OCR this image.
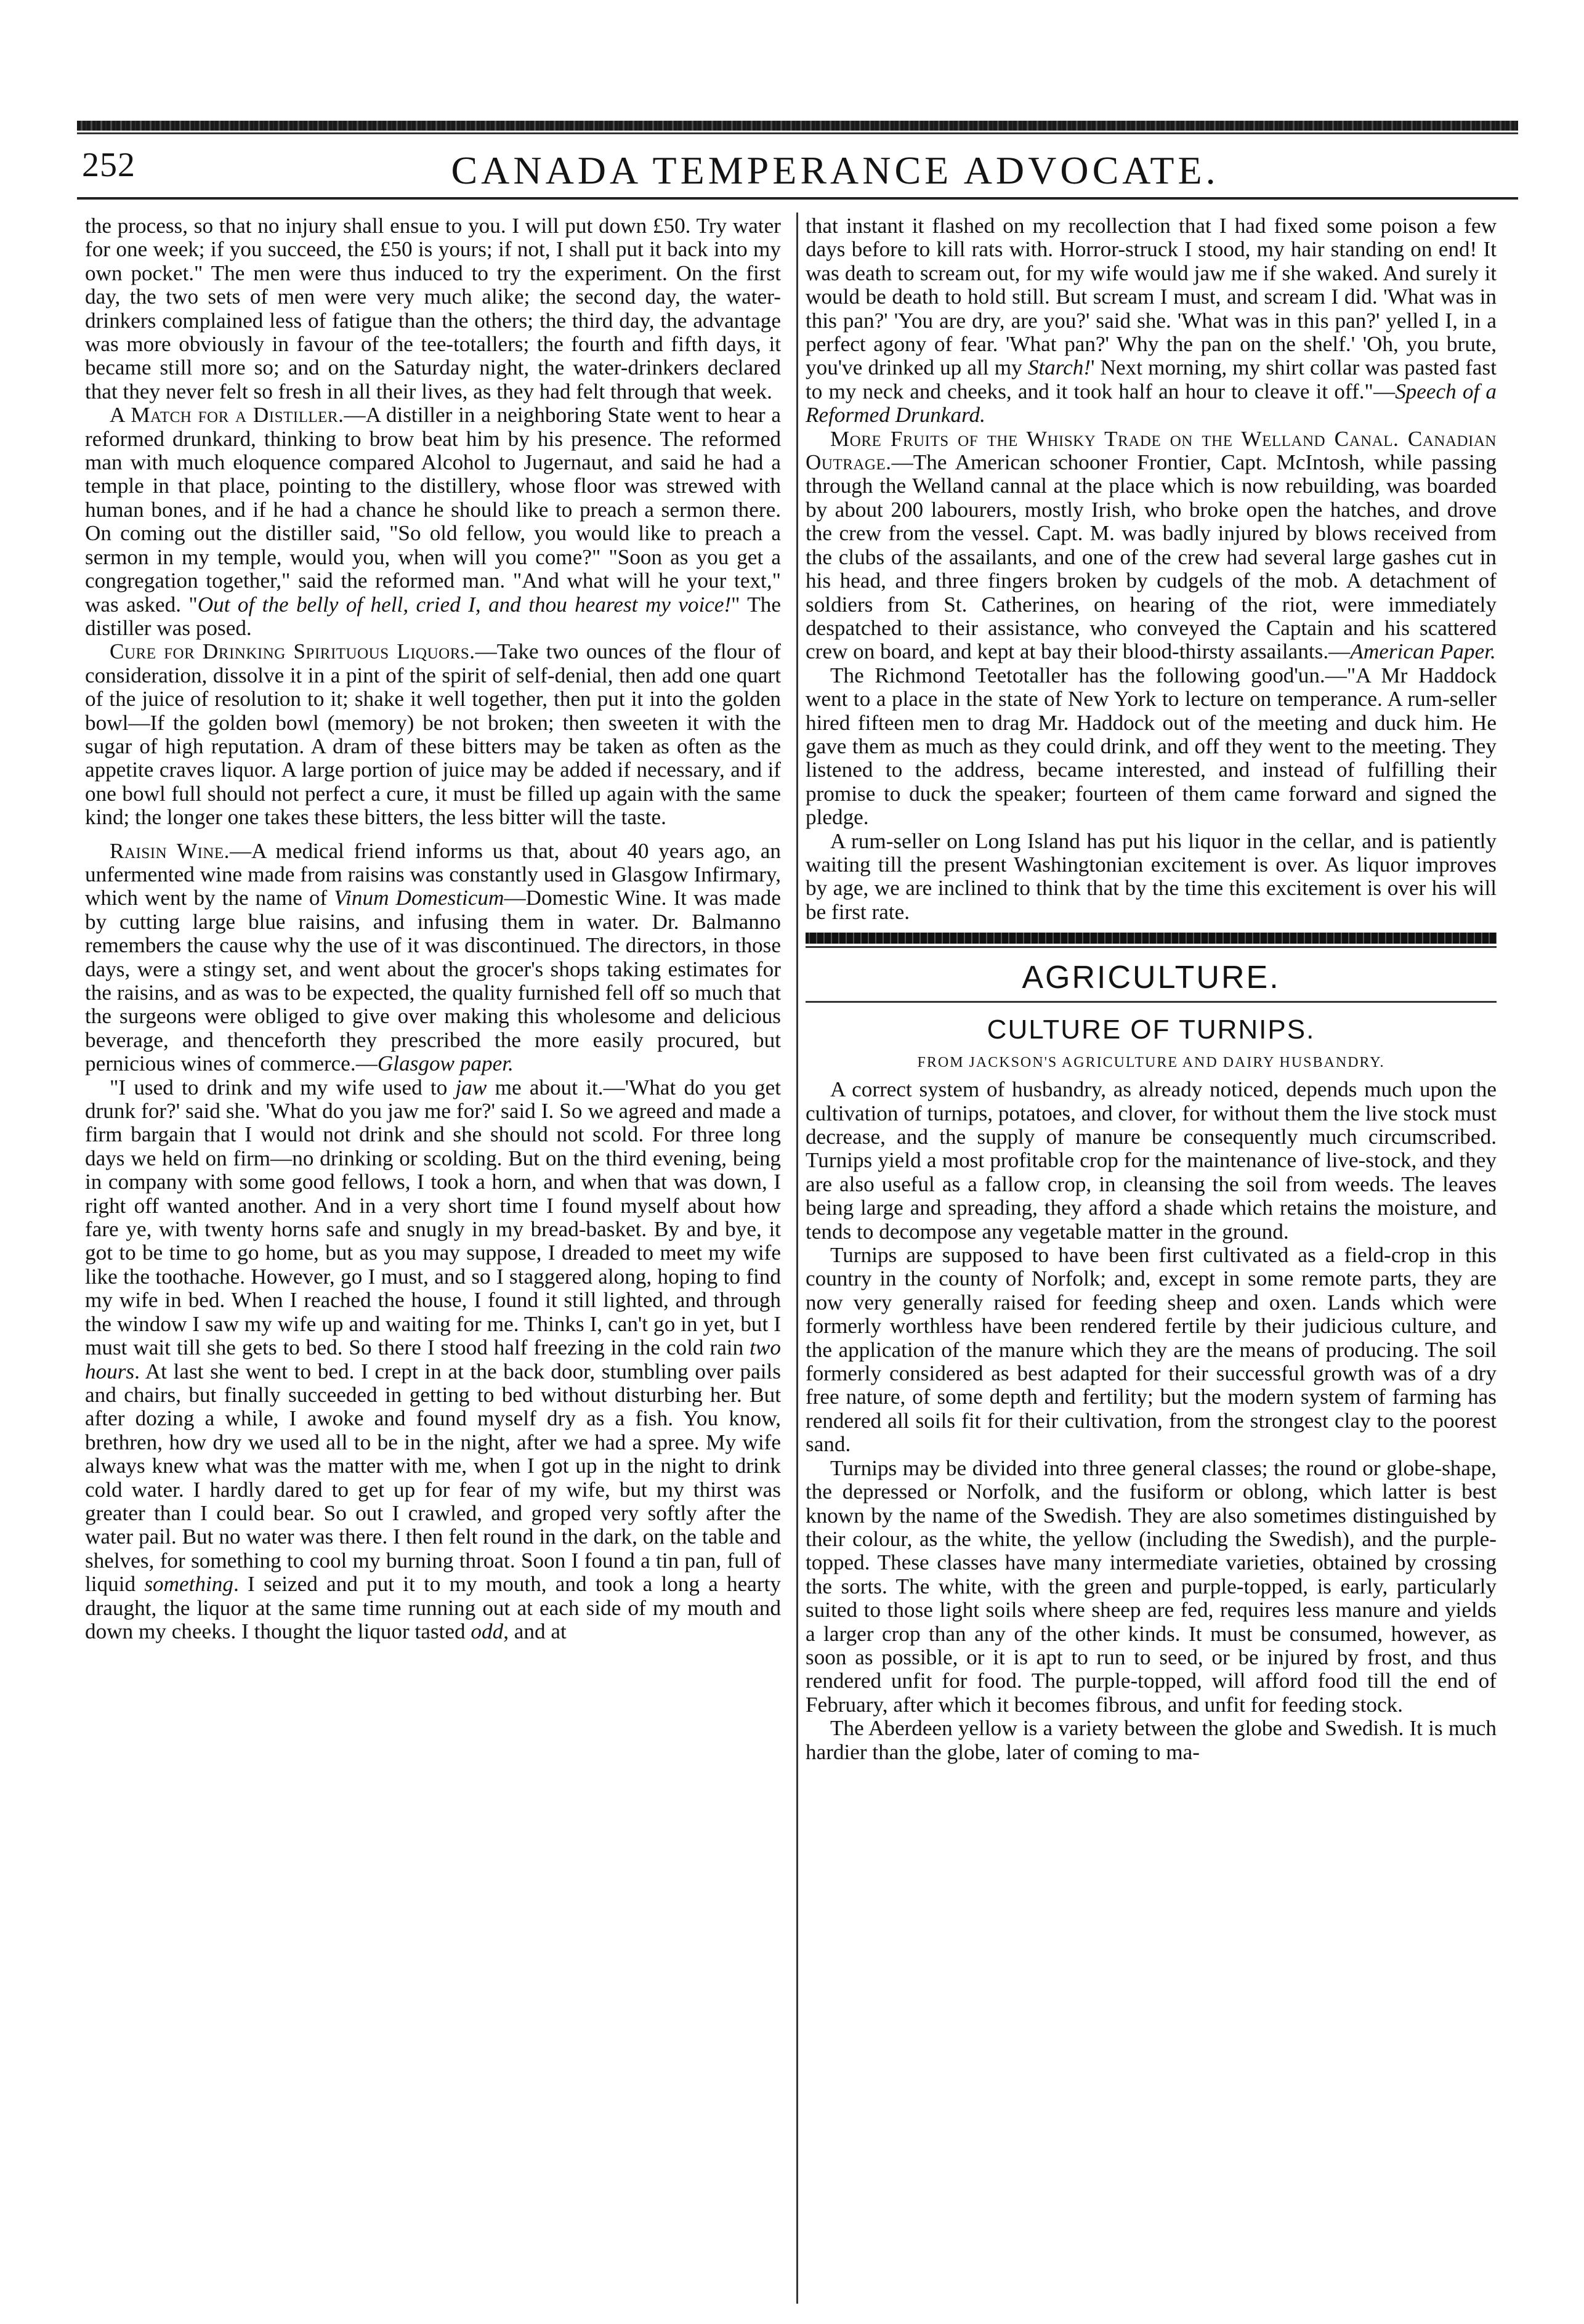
252	CANADA TEMPERANCE ADVOCATE.

the process, so that no injury shall ensue to you. I will put down £50. Try water for one week; if you succeed, the £50 is yours; if not, I shall put it back into my own pocket." The men were thus induced to try the experiment. On the first day, the two sets of men were very much alike; the second day, the water-drinkers complained less of fatigue than the others; the third day, the advantage was more obviously in favour of the tee-totallers; the fourth and fifth days, it became still more so; and on the Saturday night, the water-drinkers declared that they never felt so fresh in all their lives, as they had felt through that week.

A Match for a Distiller.—A distiller in a neighboring State went to hear a reformed drunkard, thinking to brow beat him by his presence. The reformed man with much eloquence compared Alcohol to Jugernaut, and said he had a temple in that place, pointing to the distillery, whose floor was strewed with human bones, and if he had a chance he should like to preach a sermon there. On coming out the distiller said, "So old fellow, you would like to preach a sermon in my temple, would you, when will you come?" "Soon as you get a congregation together," said the reformed man. "And what will he your text," was asked. "Out of the belly of hell, cried I, and thou hearest my voice!" The distiller was posed.

Cure for Drinking Spirituous Liquors.—Take two ounces of the flour of consideration, dissolve it in a pint of the spirit of self-denial, then add one quart of the juice of resolution to it; shake it well together, then put it into the golden bowl—If the golden bowl (memory) be not broken; then sweeten it with the sugar of high reputation. A dram of these bitters may be taken as often as the appetite craves liquor. A large portion of juice may be added if necessary, and if one bowl full should not perfect a cure, it must be filled up again with the same kind; the longer one takes these bitters, the less bitter will the taste.

Raisin Wine.—A medical friend informs us that, about 40 years ago, an unfermented wine made from raisins was constantly used in Glasgow Infirmary, which went by the name of Vinum Domesticum—Domestic Wine. It was made by cutting large blue raisins, and infusing them in water. Dr. Balmanno remembers the cause why the use of it was discontinued. The directors, in those days, were a stingy set, and went about the grocer's shops taking estimates for the raisins, and as was to be expected, the quality furnished fell off so much that the surgeons were obliged to give over making this wholesome and delicious beverage, and thenceforth they prescribed the more easily procured, but pernicious wines of commerce.—Glasgow paper.

"I used to drink and my wife used to jaw me about it.—'What do you get drunk for?' said she. 'What do you jaw me for?' said I. So we agreed and made a firm bargain that I would not drink and she should not scold. For three long days we held on firm—no drinking or scolding. But on the third evening, being in company with some good fellows, I took a horn, and when that was down, I right off wanted another. And in a very short time I found myself about how fare ye, with twenty horns safe and snugly in my bread-basket. By and bye, it got to be time to go home, but as you may suppose, I dreaded to meet my wife like the toothache. However, go I must, and so I staggered along, hoping to find my wife in bed. When I reached the house, I found it still lighted, and through the window I saw my wife up and waiting for me. Thinks I, can't go in yet, but I must wait till she gets to bed. So there I stood half freezing in the cold rain two hours. At last she went to bed. I crept in at the back door, stumbling over pails and chairs, but finally succeeded in getting to bed without disturbing her. But after dozing a while, I awoke and found myself dry as a fish. You know, brethren, how dry we used all to be in the night, after we had a spree. My wife always knew what was the matter with me, when I got up in the night to drink cold water. I hardly dared to get up for fear of my wife, but my thirst was greater than I could bear. So out I crawled, and groped very softly after the water pail. But no water was there. I then felt round in the dark, on the table and shelves, for something to cool my burning throat. Soon I found a tin pan, full of liquid something. I seized and put it to my mouth, and took a long a hearty draught, the liquor at the same time running out at each side of my mouth and down my cheeks. I thought the liquor tasted odd, and at

that instant it flashed on my recollection that I had fixed some poison a few days before to kill rats with. Horror-struck I stood, my hair standing on end! It was death to scream out, for my wife would jaw me if she waked. And surely it would be death to hold still. But scream I must, and scream I did. 'What was in this pan?' 'You are dry, are you?' said she. 'What was in this pan?' yelled I, in a perfect agony of fear. 'What pan?' Why the pan on the shelf.' 'Oh, you brute, you've drinked up all my Starch!' Next morning, my shirt collar was pasted fast to my neck and cheeks, and it took half an hour to cleave it off."—Speech of a Reformed Drunkard.

More Fruits of the Whisky Trade on the Welland Canal. Canadian Outrage.—The American schooner Frontier, Capt. McIntosh, while passing through the Welland cannal at the place which is now rebuilding, was boarded by about 200 labourers, mostly Irish, who broke open the hatches, and drove the crew from the vessel. Capt. M. was badly injured by blows received from the clubs of the assailants, and one of the crew had several large gashes cut in his head, and three fingers broken by cudgels of the mob. A detachment of soldiers from St. Catherines, on hearing of the riot, were immediately despatched to their assistance, who conveyed the Captain and his scattered crew on board, and kept at bay their blood-thirsty assailants.—American Paper.

The Richmond Teetotaller has the following good'un.—"A Mr Haddock went to a place in the state of New York to lecture on temperance. A rum-seller hired fifteen men to drag Mr. Haddock out of the meeting and duck him. He gave them as much as they could drink, and off they went to the meeting. They listened to the address, became interested, and instead of fulfilling their promise to duck the speaker; fourteen of them came forward and signed the pledge.

A rum-seller on Long Island has put his liquor in the cellar, and is patiently waiting till the present Washingtonian excitement is over. As liquor improves by age, we are inclined to think that by the time this excitement is over his will be first rate.

AGRICULTURE.
CULTURE OF TURNIPS.
FROM JACKSON'S AGRICULTURE AND DAIRY HUSBANDRY.

A correct system of husbandry, as already noticed, depends much upon the cultivation of turnips, potatoes, and clover, for without them the live stock must decrease, and the supply of manure be consequently much circumscribed. Turnips yield a most profitable crop for the maintenance of live-stock, and they are also useful as a fallow crop, in cleansing the soil from weeds. The leaves being large and spreading, they afford a shade which retains the moisture, and tends to decompose any vegetable matter in the ground.

Turnips are supposed to have been first cultivated as a field-crop in this country in the county of Norfolk; and, except in some remote parts, they are now very generally raised for feeding sheep and oxen. Lands which were formerly worthless have been rendered fertile by their judicious culture, and the application of the manure which they are the means of producing. The soil formerly considered as best adapted for their successful growth was of a dry free nature, of some depth and fertility; but the modern system of farming has rendered all soils fit for their cultivation, from the strongest clay to the poorest sand.

Turnips may be divided into three general classes; the round or globe-shape, the depressed or Norfolk, and the fusiform or oblong, which latter is best known by the name of the Swedish. They are also sometimes distinguished by their colour, as the white, the yellow (including the Swedish), and the purple-topped. These classes have many intermediate varieties, obtained by crossing the sorts. The white, with the green and purple-topped, is early, particularly suited to those light soils where sheep are fed, requires less manure and yields a larger crop than any of the other kinds. It must be consumed, however, as soon as possible, or it is apt to run to seed, or be injured by frost, and thus rendered unfit for food. The purple-topped, will afford food till the end of February, after which it becomes fibrous, and unfit for feeding stock.

The Aberdeen yellow is a variety between the globe and Swedish. It is much hardier than the globe, later of coming to ma-
